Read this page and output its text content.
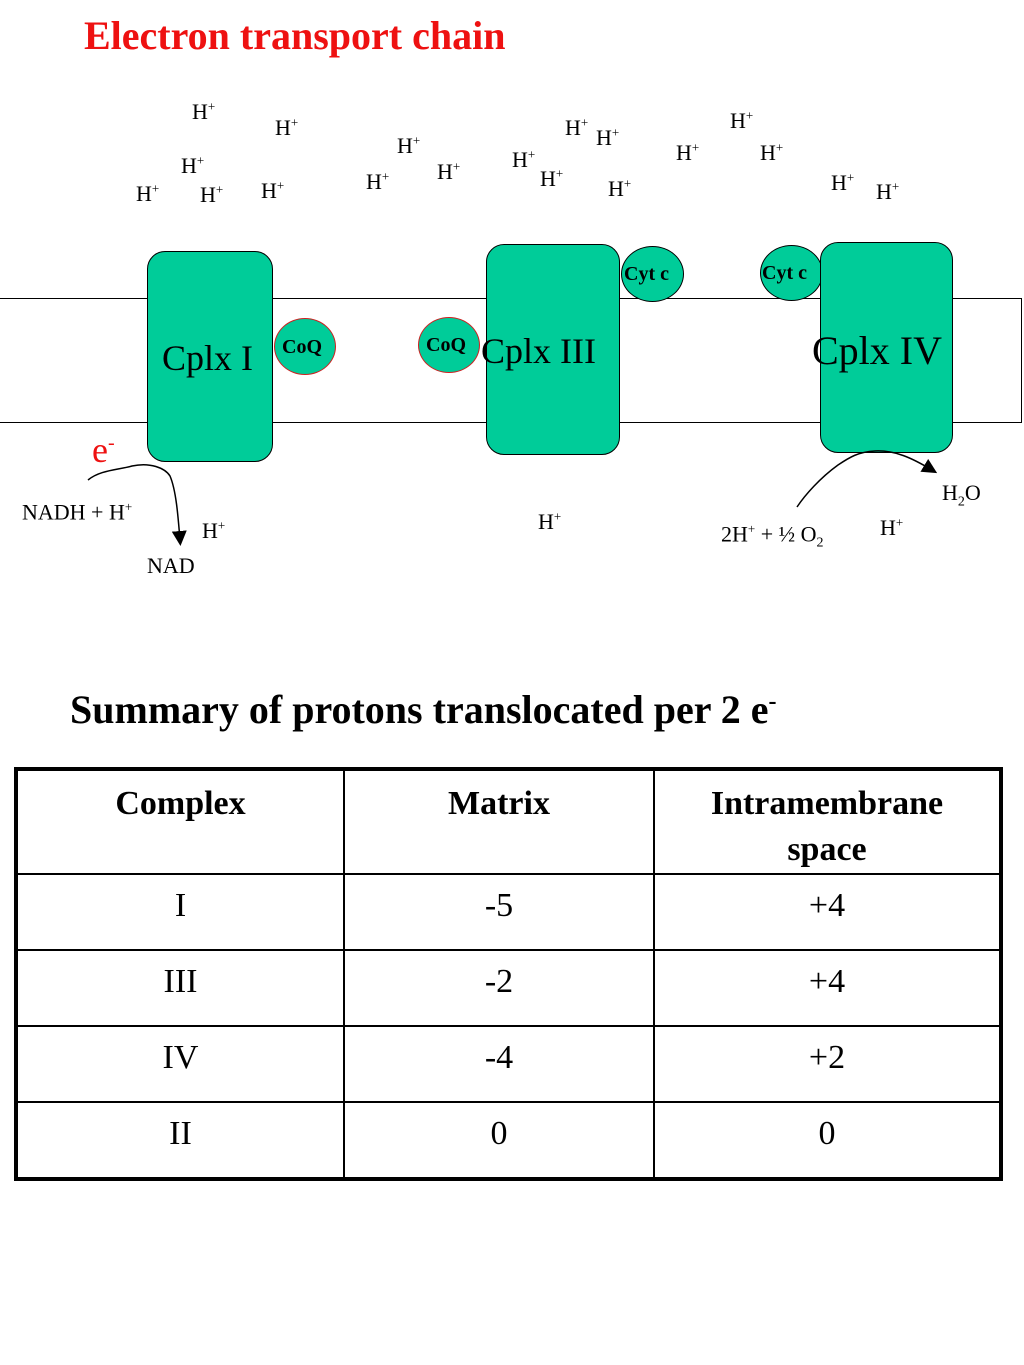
Electron transport chain
H+
H+
H+
H+ H+ H+
H+
H+ H+
H+
H+
H+
H+
H+
H+
H+	H+
H+
H+
Cplx I CoQ	CoQ Cplx III
Cyt c	Cyt c
Cplx IV
e-
NADH + H+
NAD
2H+ + ½ $O_2$
$H_2O$
H+	H+	H+
Summary of protons translocated per 2 e-
Complex	Matrix	Intramembrane space
I	-5	+4
III	-2	+4
IV	-4	+2
II	0	0
